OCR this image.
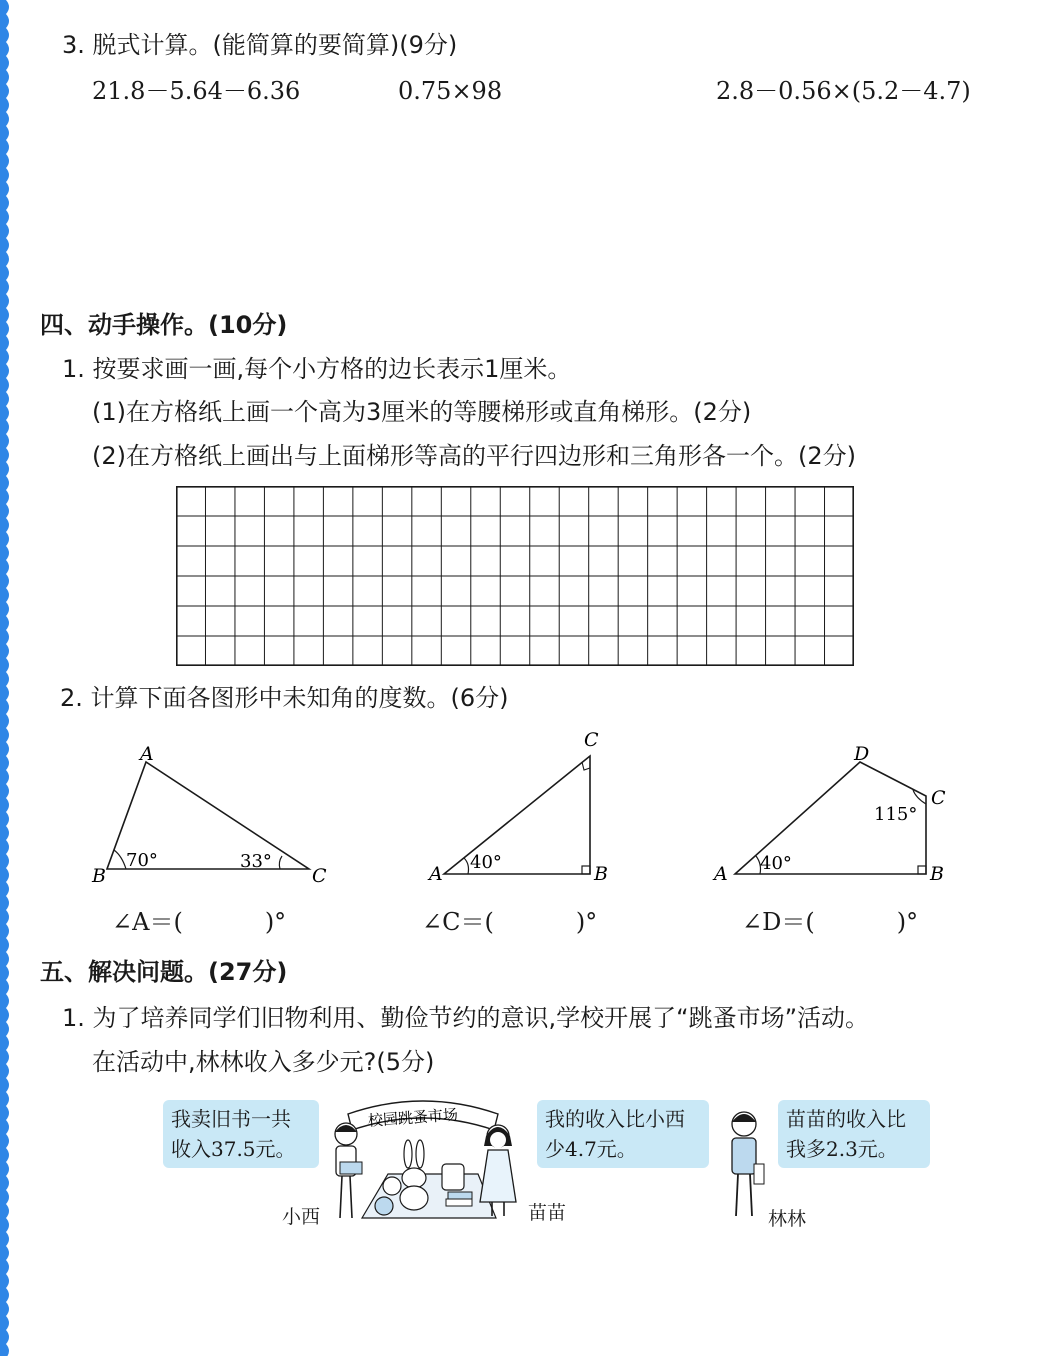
3. 脱式计算。(能简算的要简算)(9分)
21.8－5.64－6.36	0.75×98	2.8－0.56×(5.2－4.7)
四、动手操作。(10分)
1. 按要求画一画,每个小方格的边长表示1厘米。
(1)在方格纸上画一个高为3厘米的等腰梯形或直角梯形。(2分)
(2)在方格纸上画出与上面梯形等高的平行四边形和三角形各一个。(2分)
2. 计算下面各图形中未知角的度数。(6分)
A
B	C
70°	33°
∠A＝(	)°
C
A	B
40°
∠C＝(	)°
D
C
A	B
115°
40°
∠D＝(	)°
五、解决问题。(27分)
1. 为了培养同学们旧物利用、勤俭节约的意识,学校开展了“跳蚤市场”活动。
在活动中,林林收入多少元?(5分)
我卖旧书一共
收入37.5元。
我的收入比小西
少4.7元。
苗苗的收入比
我多2.3元。
校园跳蚤市场
小西	苗苗	林林
